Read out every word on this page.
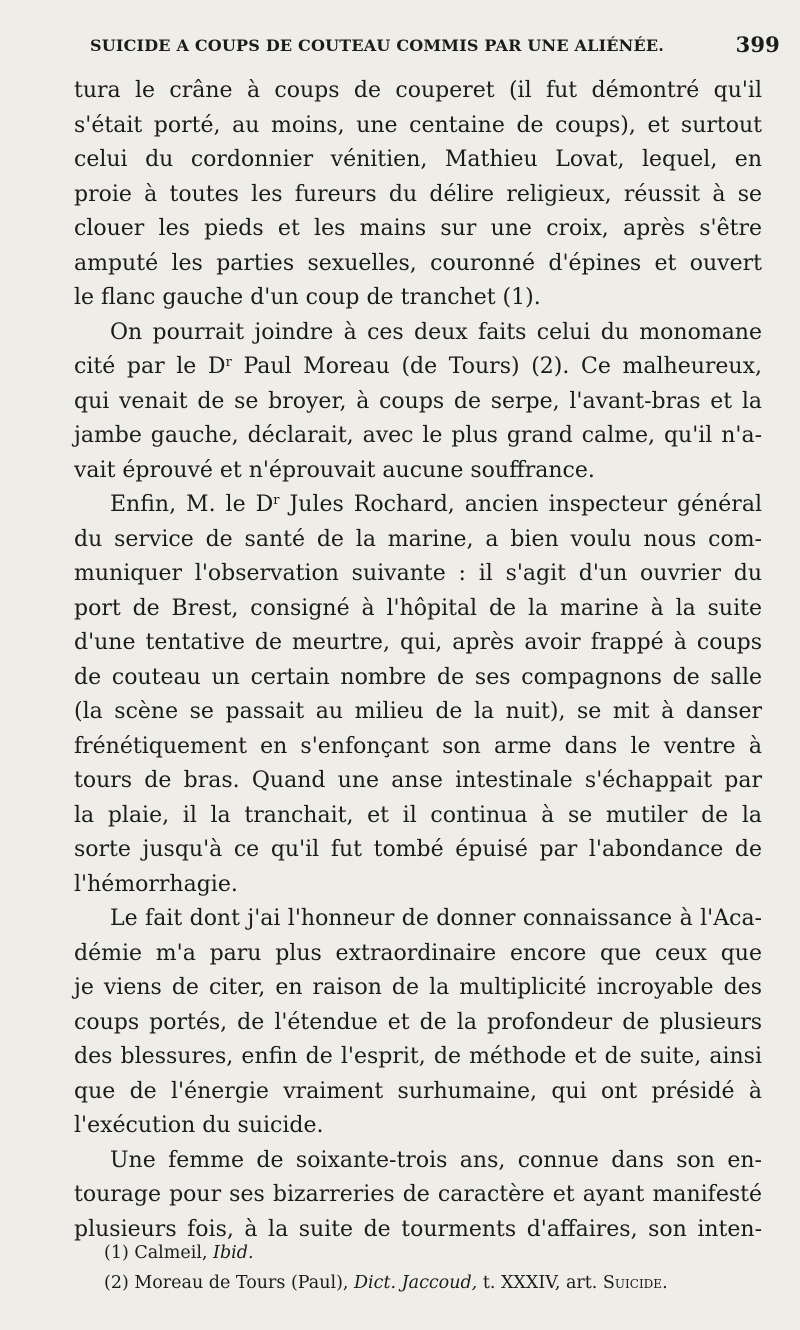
SUICIDE A COUPS DE COUTEAU COMMIS PAR UNE ALIÉNÉE.	399
tura le crâne à coups de couperet (il fut démontré qu'il
s'était porté, au moins, une centaine de coups), et surtout
celui du cordonnier vénitien, Mathieu Lovat, lequel, en
proie à toutes les fureurs du délire religieux, réussit à se
clouer les pieds et les mains sur une croix, après s'être
amputé les parties sexuelles, couronné d'épines et ouvert
le flanc gauche d'un coup de tranchet (1).
On pourrait joindre à ces deux faits celui du monomane
cité par le $D^r$ Paul Moreau (de Tours) (2). Ce malheureux,
qui venait de se broyer, à coups de serpe, l'avant-bras et la
jambe gauche, déclarait, avec le plus grand calme, qu'il n'a-
vait éprouvé et n'éprouvait aucune souffrance.
Enfin, M. le $D^r$ Jules Rochard, ancien inspecteur général
du service de santé de la marine, a bien voulu nous com-
muniquer l'observation suivante : il s'agit d'un ouvrier du
port de Brest, consigné à l'hôpital de la marine à la suite
d'une tentative de meurtre, qui, après avoir frappé à coups
de couteau un certain nombre de ses compagnons de salle
(la scène se passait au milieu de la nuit), se mit à danser
frénétiquement en s'enfonçant son arme dans le ventre à
tours de bras. Quand une anse intestinale s'échappait par
la plaie, il la tranchait, et il continua à se mutiler de la
sorte jusqu'à ce qu'il fut tombé épuisé par l'abondance de
l'hémorrhagie.
Le fait dont j'ai l'honneur de donner connaissance à l'Aca-
démie m'a paru plus extraordinaire encore que ceux que
je viens de citer, en raison de la multiplicité incroyable des
coups portés, de l'étendue et de la profondeur de plusieurs
des blessures, enfin de l'esprit, de méthode et de suite, ainsi
que de l'énergie vraiment surhumaine, qui ont présidé à
l'exécution du suicide.
Une femme de soixante-trois ans, connue dans son en-
tourage pour ses bizarreries de caractère et ayant manifesté
plusieurs fois, à la suite de tourments d'affaires, son inten-
(1) Calmeil, Ibid.
(2) Moreau de Tours (Paul), Dict. Jaccoud, t. XXXIV, art. Suicide.
